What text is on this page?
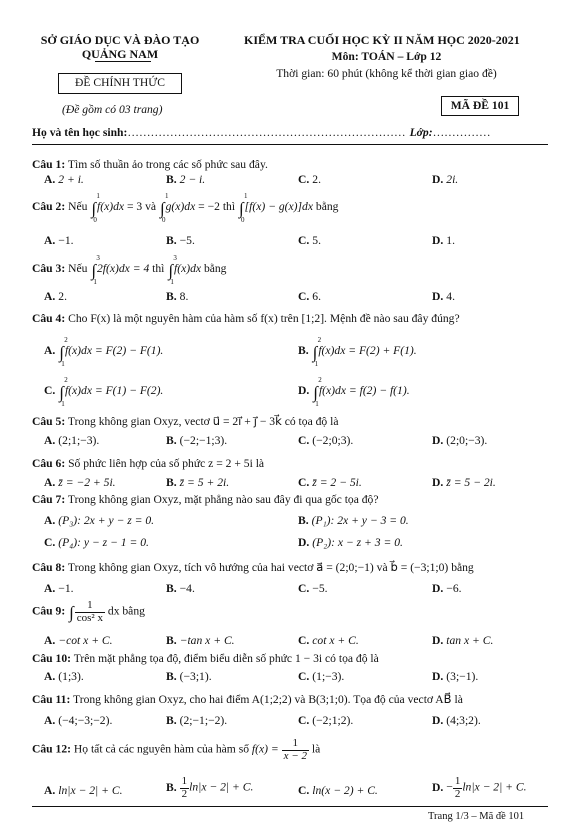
SỞ GIÁO DỤC VÀ ĐÀO TẠO
QUẢNG NAM
ĐỀ CHÍNH THỨC
(Đề gồm có 03 trang)
KIỂM TRA CUỐI HỌC KỲ II NĂM HỌC 2020-2021
Môn: TOÁN – Lớp 12
Thời gian: 60 phút (không kể thời gian giao đề)
MÃ ĐỀ 101
Họ và tên học sinh:……………………………………………………………… Lớp:……………
Câu 1: Tìm số thuần ảo trong các số phức sau đây.
A. 2 + i.	B. 2 − i.	C. 2.	D. 2i.
Câu 2: Nếu ∫
1
0
f(x)dx = 3 và ∫
1
0
g(x)dx = −2 thì ∫
1
0
[f(x) − g(x)]dx bằng
A. −1.	B. −5.	C. 5.	D. 1.
Câu 3: Nếu ∫
3
1
2f(x)dx = 4 thì ∫
3
1
f(x)dx bằng
A. 2.	B. 8.	C. 6.	D. 4.
Câu 4: Cho F(x) là một nguyên hàm của hàm số f(x) trên [1;2]. Mệnh đề nào sau đây đúng?
A. ∫
2
1
f(x)dx = F(2) − F(1).	B. ∫
2
1
f(x)dx = F(2) + F(1).
C. ∫
2
1
f(x)dx = F(1) − F(2).	D. ∫
2
1
f(x)dx = f(2) − f(1).
Câu 5: Trong không gian Oxyz, vectơ u⃗ = 2i⃗ + j⃗ − 3k⃗ có tọa độ là
A. (2;1;−3).	B. (−2;−1;3).	C. (−2;0;3).	D. (2;0;−3).
Câu 6: Số phức liên hợp của số phức z = 2 + 5i là
A. z̄ = −2 + 5i.	B. z̄ = 5 + 2i.	C. z̄ = 2 − 5i.	D. z̄ = 5 − 2i.
Câu 7: Trong không gian Oxyz, mặt phẳng nào sau đây đi qua gốc tọa độ?
A. (P₃): 2x + y − z = 0.	B. (P₁): 2x + y − 3 = 0.
C. (P₄): y − z − 1 = 0.	D. (P₂): x − z + 3 = 0.
Câu 8: Trong không gian Oxyz, tích vô hướng của hai vectơ a⃗ = (2;0;−1) và b⃗ = (−3;1;0) bằng
A. −1.	B. −4.	C. −5.	D. −6.
Câu 9: ∫ $\frac{1}{\text{cos² x}}$ dx bằng
A. −cot x + C.	B. −tan x + C.	C. cot x + C.	D. tan x + C.
Câu 10: Trên mặt phẳng tọa độ, điểm biểu diễn số phức 1 − 3i có tọa độ là
A. (1;3).	B. (−3;1).	C. (1;−3).	D. (3;−1).
Câu 11: Trong không gian Oxyz, cho hai điểm A(1;2;2) và B(3;1;0). Tọa độ của vectơ AB⃗ là
A. (−4;−3;−2).	B. (2;−1;−2).	C. (−2;1;2).	D. (4;3;2).
Câu 12: Họ tất cả các nguyên hàm của hàm số $f(x) = \frac{1}{x - 2}$ là
A. ln|x − 2| + C.	B. $\frac{1}{2} \ln|x - 2| + C$.	C. ln(x − 2) + C.	D. − $\frac{1}{2} \ln|x - 2| + C$.
Trang 1/3 – Mã đề 101
